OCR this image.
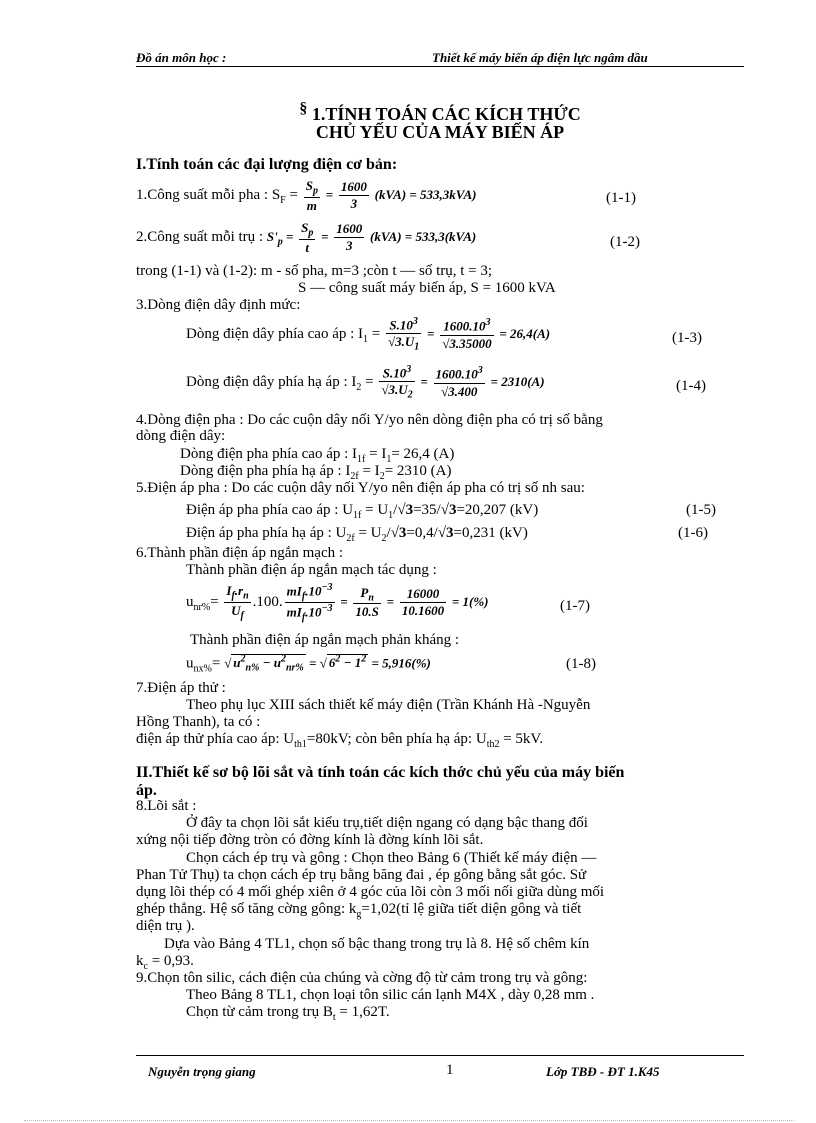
Đồ án môn học :	Thiết kế máy biến áp điện lực ngâm dầu
§ 1.TÍNH TOÁN CÁC KÍCH THỨC
CHỦ YẾU CỦA MÁY BIẾN ÁP
I.Tính toán các đại lượng điện cơ bản:
1.Công suất mỗi pha : $S_F = \frac{S_p}{m} = \frac{1600}{3} (kVA) = 533,3kVA$)	(1-1)
2.Công suất mỗi trụ : $S'_p = \frac{S_p}{t} = \frac{1600}{3} (kVA) = 533,3(kVA)$	(1-2)
trong (1-1) và (1-2): m - số pha, m=3 ;còn t — số trụ, t = 3;
S — công suất máy biến áp, S = 1600 kVA
3.Dòng điện dây định mức:
Dòng điện dây phía cao áp : $I_1 = \frac{S.10^3}{√3.U_1} = \frac{1600.10^3}{√3.35000} = 26,4(A)$	(1-3)
Dòng điện dây phía hạ áp : $I_2 = \frac{S.10^3}{√3.U_2} = \frac{1600.10^3}{√3.400} = 2310(A)$	(1-4)
4.Dòng điện pha : Do các cuộn dây nối Y/yo nên dòng điện pha có trị số bằng
dòng điện dây:
Dòng điện pha phía cao áp : $I_{1f} = I_1= 26,4$ (A)
Dòng điện pha phía hạ áp : $I_{2f} = I_2= 2310$ (A)
5.Điện áp pha : Do các cuộn dây nối Y/yo nên điện áp pha có trị số nh sau:
Điện áp pha phía cao áp : $U_{1f} = U_1/√3=35/√3=20,207$ (kV)	(1-5)
Điện áp pha phía hạ áp : $U_{2f} = U_2/√3=0,4/√3=0,231$ (kV)	(1-6)
6.Thành phần điện áp ngắn mạch :
Thành phần điện áp ngắn mạch tác dụng :
$u_{nr\%}= \frac{I_f.r_n}{U_f} .100$. $\frac{mI_f.10^{-3}}{mI_f.10^{-3}} = \frac{P_n}{10.S} = \frac{16000}{10.1600} = 1(\%)$	(1-7)
Thành phần điện áp ngắn mạch phản kháng :
$u_{nx\%}=$ √ $u^2_{n\%} - u^2_{nr\%}$ = √ $6^2 - 1^2 = 5,916(\%)$	(1-8)
7.Điện áp thử :
Theo phụ lục XIII sách thiết kế máy điện (Trần Khánh Hà -Nguyễn
Hồng Thanh), ta có :
điện áp thử phía cao áp: $U_{th1}=80kV$; còn bên phía hạ áp: $U_{th2} = 5kV$.
II.Thiết kế sơ bộ lõi sắt và tính toán các kích thớc chủ yếu của máy biến
áp.
8.Lõi sắt :
Ở đây ta chọn lõi sắt kiểu trụ,tiết diện ngang có dạng bậc thang đối
xứng nội tiếp đờng tròn có đờng kính là đờng kính lõi sắt.
Chọn cách ép trụ và gông : Chọn theo Bảng 6 (Thiết kế máy điện —
Phan Tử Thụ) ta chọn cách ép trụ bằng băng đai , ép gông bằng sắt góc. Sử
dụng lõi thép có 4 mối ghép xiên ở 4 góc của lõi còn 3 mối nối giữa dùng mối
ghép thẳng. Hệ số tăng cờng gông: $k_g=1,02(tỉ$ lệ giữa tiết diện gông và tiết
diện trụ ).
Dựa vào Bảng 4 TL1, chọn số bậc thang trong trụ là 8. Hệ số chêm kín
$k_c = 0,93$.
9.Chọn tôn silic, cách điện của chúng và cờng độ từ cảm trong trụ và gông:
Theo Bảng 8 TL1, chọn loại tôn silic cán lạnh M4X , dày 0,28 mm .
Chọn từ cảm trong trụ $B_t = 1,62T$.
Nguyễn trọng giang	1	Lớp TBĐ - ĐT 1.K45
